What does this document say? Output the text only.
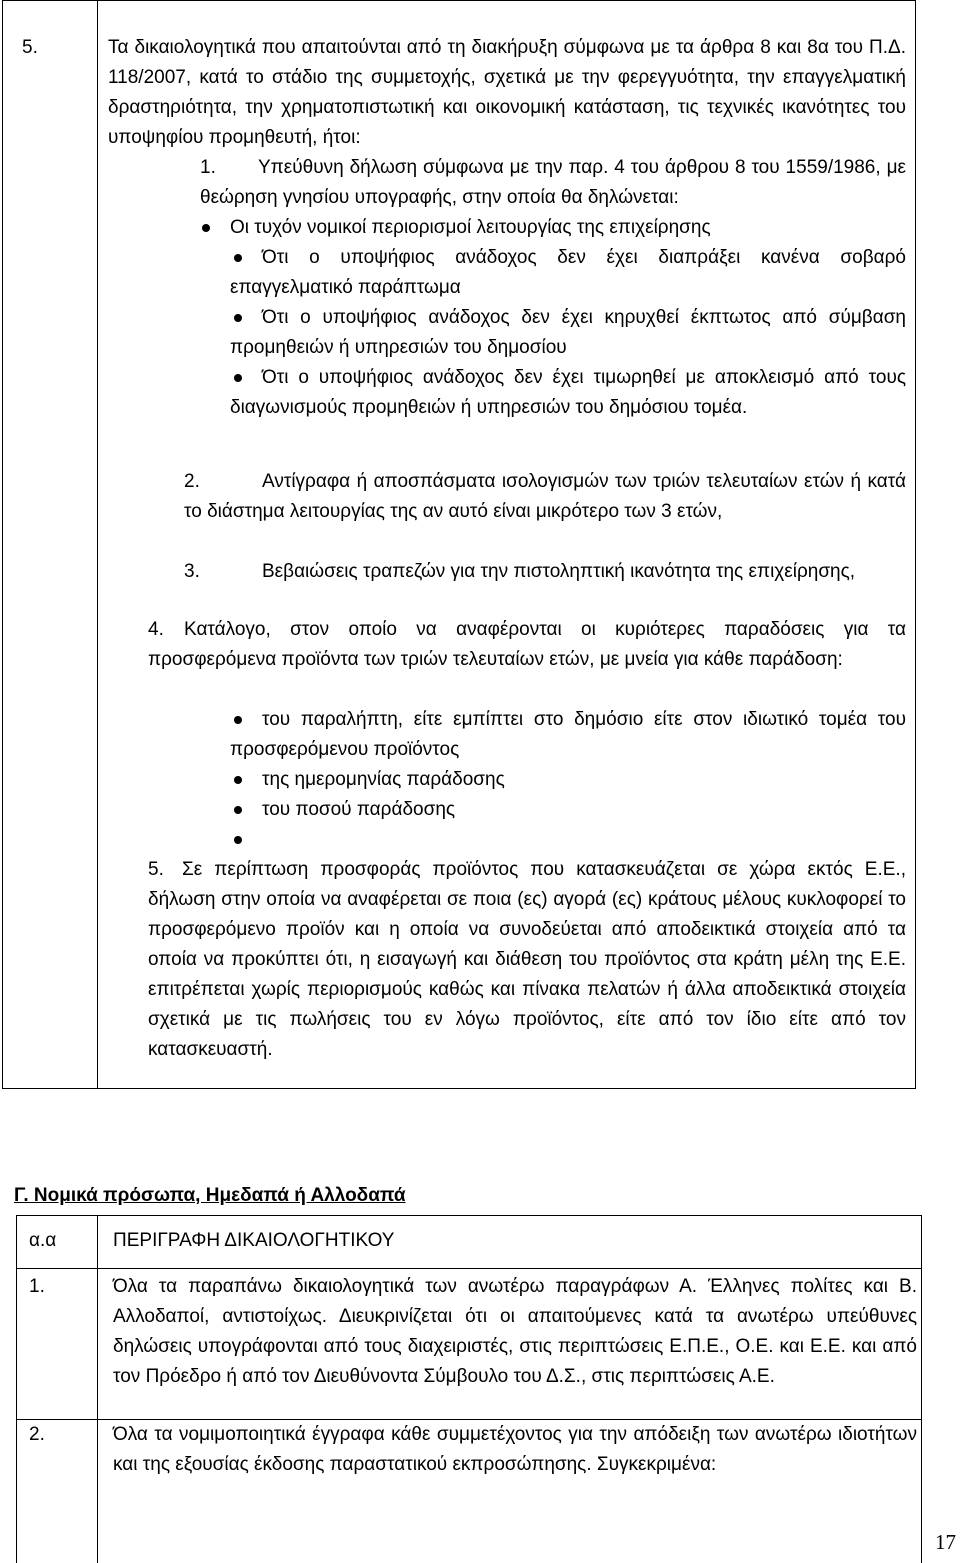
5.	Τα δικαιολογητικά που απαιτούνται από τη διακήρυξη σύμφωνα με τα άρθρα 8 και 8α του Π.Δ. 118/2007, κατά το στάδιο της συμμετοχής, σχετικά με την φερεγγυότητα, την επαγγελματική δραστηριότητα, την χρηματοπιστωτική και οικονομική κατάσταση, τις τεχνικές ικανότητες του υποψηφίου προμηθευτή, ήτοι:
1.	Υπεύθυνη δήλωση σύμφωνα με την παρ. 4 του άρθρου 8 του 1559/1986, με θεώρηση γνησίου υπογραφής, στην οποία θα δηλώνεται:
Οι τυχόν νομικοί περιορισμοί λειτουργίας της επιχείρησης
Ότι ο υποψήφιος ανάδοχος δεν έχει διαπράξει κανένα σοβαρό επαγγελματικό παράπτωμα
Ότι ο υποψήφιος ανάδοχος δεν έχει κηρυχθεί έκπτωτος από σύμβαση προμηθειών ή υπηρεσιών του δημοσίου
Ότι ο υποψήφιος ανάδοχος δεν έχει τιμωρηθεί με αποκλεισμό από τους διαγωνισμούς προμηθειών ή υπηρεσιών του δημόσιου τομέα.
2.	Αντίγραφα ή αποσπάσματα ισολογισμών των τριών τελευταίων ετών ή κατά το διάστημα λειτουργίας της αν αυτό είναι μικρότερο των 3 ετών,
3.	Βεβαιώσεις τραπεζών για την πιστοληπτική ικανότητα της επιχείρησης,
4.	Κατάλογο, στον οποίο να αναφέρονται οι κυριότερες παραδόσεις για τα προσφερόμενα προϊόντα των τριών τελευταίων ετών, με μνεία για κάθε παράδοση:
του παραλήπτη, είτε εμπίπτει στο δημόσιο είτε στον ιδιωτικό τομέα του προσφερόμενου προϊόντος
της ημερομηνίας παράδοσης
του ποσού παράδοσης
5. Σε περίπτωση προσφοράς προϊόντος που κατασκευάζεται σε χώρα εκτός Ε.Ε., δήλωση στην οποία να αναφέρεται σε ποια (ες) αγορά (ες) κράτους μέλους κυκλοφορεί το προσφερόμενο προϊόν και η οποία να συνοδεύεται από αποδεικτικά στοιχεία από τα οποία να προκύπτει ότι, η εισαγωγή και διάθεση του προϊόντος στα κράτη μέλη της Ε.Ε. επιτρέπεται χωρίς περιορισμούς καθώς και πίνακα πελατών ή άλλα αποδεικτικά στοιχεία σχετικά με τις πωλήσεις του εν λόγω προϊόντος, είτε από τον ίδιο είτε από τον κατασκευαστή.
Γ. Νομικά πρόσωπα, Ημεδαπά ή Αλλοδαπά
α.α	ΠΕΡΙΓΡΑΦΗ ΔΙΚΑΙΟΛΟΓΗΤΙΚΟΥ
1.	Όλα τα παραπάνω δικαιολογητικά των ανωτέρω παραγράφων Α. Έλληνες πολίτες και Β. Αλλοδαποί, αντιστοίχως. Διευκρινίζεται ότι οι απαιτούμενες κατά τα ανωτέρω υπεύθυνες δηλώσεις υπογράφονται από τους διαχειριστές, στις περιπτώσεις Ε.Π.Ε., Ο.Ε. και Ε.Ε. και από τον Πρόεδρο ή από τον Διευθύνοντα Σύμβουλο του Δ.Σ., στις περιπτώσεις Α.Ε.
2.	Όλα τα νομιμοποιητικά έγγραφα κάθε συμμετέχοντος για την απόδειξη των ανωτέρω ιδιοτήτων και της εξουσίας έκδοσης παραστατικού εκπροσώπησης. Συγκεκριμένα:
17
